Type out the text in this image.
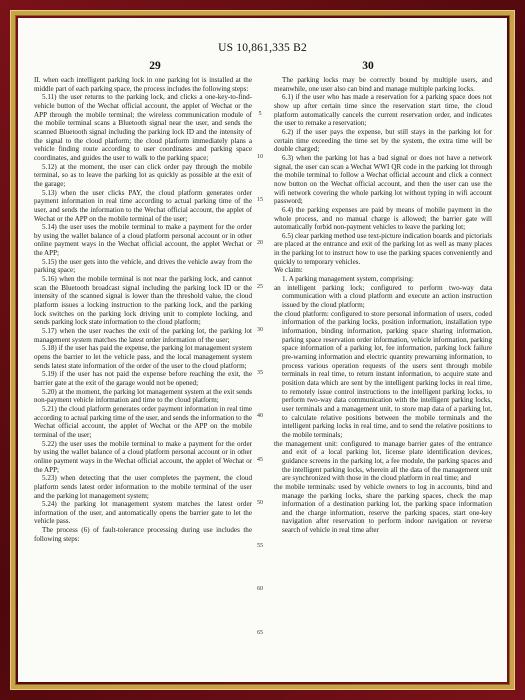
US 10,861,335 B2
29	30

II. when each intelligent parking lock in one parking lot is installed at the middle part of each parking space, the process includes the following steps:

5.11) the user returns to the parking lock, and clicks a one-key-to-find-vehicle button of the Wechat official account, the applet of Wechat or the APP through the mobile terminal; the wireless communication module of the mobile terminal scans a Bluetooth signal near the user, and sends the scanned Bluetooth signal including the parking lock ID and the intensity of the signal to the cloud platform; the cloud platform immediately plans a vehicle finding route according to user coordinates and parking space coordinates, and guides the user to walk to the parking space;

5.12) at the moment, the user can click order pay through the mobile terminal, so as to leave the parking lot as quickly as possible at the exit of the garage;

5.13) when the user clicks PAY, the cloud platform generates order payment information in real time according to actual parking time of the user, and sends the information to the Wechat official account, the applet of Wechat or the APP on the mobile terminal of the user;

5.14) the user uses the mobile terminal to make a payment for the order by using the wallet balance of a cloud platform personal account or in other online payment ways in the Wechat official account, the applet Wechat or the APP;

5.15) the user gets into the vehicle, and drives the vehicle away from the parking space;

5.16) when the mobile terminal is not near the parking lock, and cannot scan the Bluetooth broadcast signal including the parking lock ID or the intensity of the scanned signal is lower than the threshold value, the cloud platform issues a locking instruction to the parking lock, and the parking lock switches on the parking lock driving unit to complete locking, and sends parking lock state information to the cloud platform;

5.17) when the user reaches the exit of the parking lot, the parking lot management system matches the latest order information of the user;

5.18) if the user has paid the expense, the parking lot management system opens the barrier to let the vehicle pass, and the local management system sends latest state information of the order of the user to the cloud platform;

5.19) if the user has not paid the expense before reaching the exit, the barrier gate at the exit of the garage would not be opened;

5.20) at the moment, the parking lot management system at the exit sends non-payment vehicle information and time to the cloud platform;

5.21) the cloud platform generates order payment information in real time according to actual parking time of the user, and sends the information to the Wechat official account, the applet of Wechat or the APP on the mobile terminal of the user;

5.22) the user uses the mobile terminal to make a payment for the order by using the wallet balance of a cloud platform personal account or in other online payment ways in the Wechat official account, the applet of Wechat or the APP;

5.23) when detecting that the user completes the payment, the cloud platform sends latest order information to the mobile terminal of the user and the parking lot management system;

5.24) the parking lot management system matches the latest order information of the user, and automatically opens the barrier gate to let the vehicle pass.

The process (6) of fault-tolerance processing during use includes the following steps:

5
10
15
20
25
30
35
40
45
50
55
60
65

The parking locks may be correctly bound by multiple users, and meanwhile, one user also can bind and manage multiple parking locks.

6.1) if the user who has made a reservation for a parking space does not show up after certain time since the reservation start time, the cloud platform automatically cancels the current reservation order, and indicates the user to remake a reservation;

6.2) if the user pays the expense, but still stays in the parking lot for certain time exceeding the time set by the system, the extra time will be double charged;

6.3) when the parking lot has a bad signal or does not have a network signal, the user can scan a Wechat WWI QR code in the parking lot through the mobile terminal to follow a Wechat official account and click a connect now button on the Wechat official account, and then the user can use the wifi network covering the whole parking lot without typing in wifi account password;

6.4) the parking expenses are paid by means of mobile payment in the whole process, and no manual charge is allowed; the barrier gate will automatically forbid non-payment vehicles to leave the parking lot;

6.5) clear parking method use text-picture indication boards and pictorials are placed at the entrance and exit of the parking lot as well as many places in the parking lot to instruct how to use the parking spaces conveniently and quickly to temporary vehicles.

We claim:

1. A parking management system, comprising:

an intelligent parking lock; configured to perform two-way data communication with a cloud platform and execute an action instruction issued by the cloud platform;

the cloud platform: configured to store personal information of users, coded information of the parking locks, position information, installation type information, binding information, parking space sharing information, parking space reservation order information, vehicle information, parking space information of a parking lot, fee information, parking lock failure pre-warning information and electric quantity prewarning information, to process various operation requests of the users sent through mobile terminals in real time, to return instant information, to acquire state and position data which are sent by the intelligent parking locks in real time, to remotely issue control instructions to the intelligent parking locks, to perform two-way data communication with the intelligent parking locks, user terminals and a management unit, to store map data of a parking lot, to calculate relative positions between the mobile terminals and the intelligent parking locks in real time, and to send the relative positions to the mobile terminals;

the management unit: configured to manage barrier gates of the entrance and exit of a local parking lot, license plate identification devices, guidance screens in the parking lot, a fee module, the parking spaces and the intelligent parking locks, wherein all the data of the management unit are synchronized with those in the cloud platform in real time; and

the mobile terminals: used by vehicle owners to log in accounts, bind and manage the parking locks, share the parking spaces, check the map information of a destination parking lot, the parking space information and the charge information, reserve the parking spaces, start one-key navigation after reservation to perform indoor navigation or reverse search of vehicle in real time after
